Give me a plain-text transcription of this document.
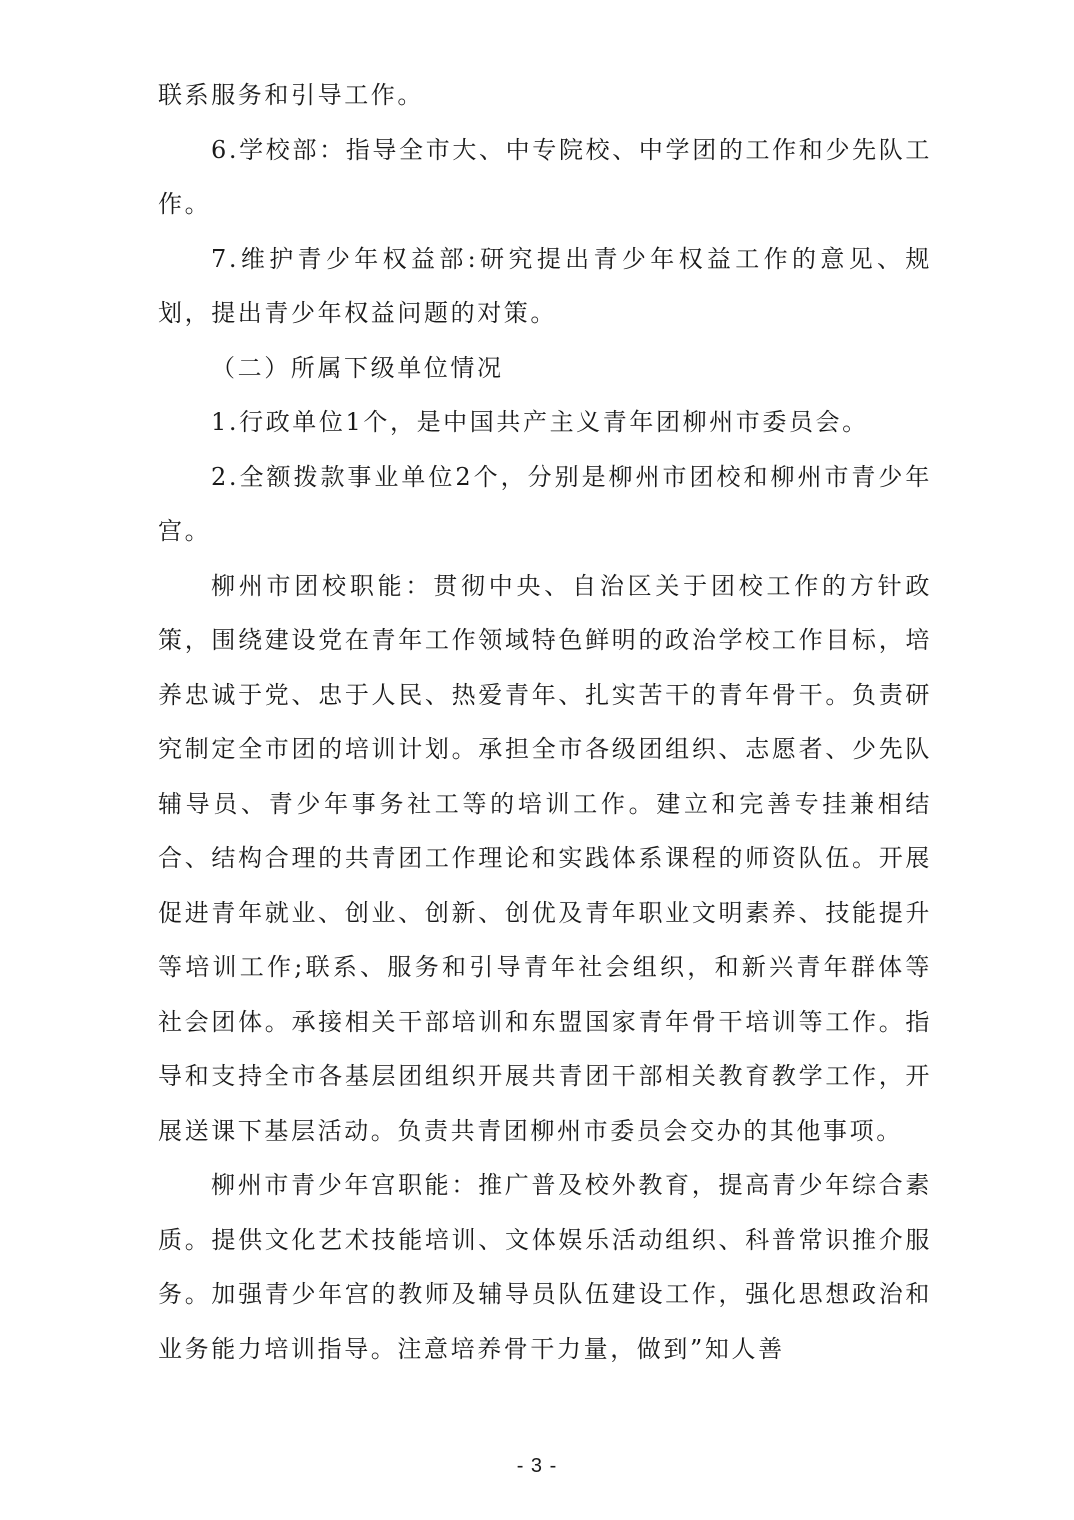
联系服务和引导工作。

6.学校部：指导全市大、中专院校、中学团的工作和少先队工作。

7.维护青少年权益部:研究提出青少年权益工作的意见、规划，提出青少年权益问题的对策。

（二）所属下级单位情况

1.行政单位1个，是中国共产主义青年团柳州市委员会。

2.全额拨款事业单位2个，分别是柳州市团校和柳州市青少年宫。

柳州市团校职能：贯彻中央、自治区关于团校工作的方针政策，围绕建设党在青年工作领域特色鲜明的政治学校工作目标，培养忠诚于党、忠于人民、热爱青年、扎实苦干的青年骨干。负责研究制定全市团的培训计划。承担全市各级团组织、志愿者、少先队辅导员、青少年事务社工等的培训工作。建立和完善专挂兼相结合、结构合理的共青团工作理论和实践体系课程的师资队伍。开展促进青年就业、创业、创新、创优及青年职业文明素养、技能提升等培训工作;联系、服务和引导青年社会组织，和新兴青年群体等社会团体。承接相关干部培训和东盟国家青年骨干培训等工作。指导和支持全市各基层团组织开展共青团干部相关教育教学工作，开展送课下基层活动。负责共青团柳州市委员会交办的其他事项。

柳州市青少年宫职能：推广普及校外教育，提高青少年综合素质。提供文化艺术技能培训、文体娱乐活动组织、科普常识推介服务。加强青少年宫的教师及辅导员队伍建设工作，强化思想政治和业务能力培训指导。注意培养骨干力量，做到”知人善

- 3 -
